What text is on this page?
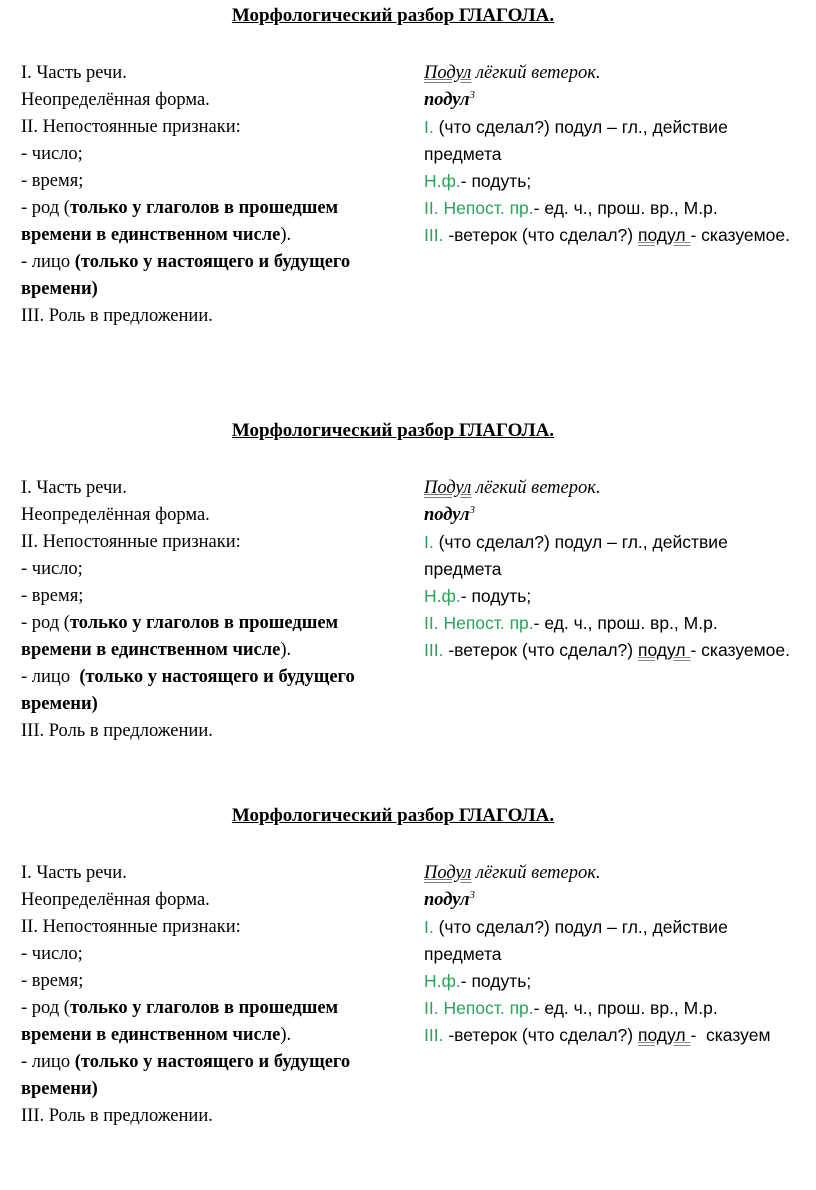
Морфологический разбор ГЛАГОЛА.

I. Часть речи.

Неопределённая форма.

II. Непостоянные признаки:

- число;

- время;

- род (только у глаголов в прошедшем времени в единственном числе).

- лицо (только у настоящего и будущего времени)

III. Роль в предложении.

Подул лёгкий ветерок.

подул$^3$

I. (что сделал?) подул – гл., действие предмета

Н.ф.- подуть;

II. Непост. пр.- ед. ч., прош. вр., М.р.

III. -ветерок (что сделал?) подул - сказуемое.

Морфологический разбор ГЛАГОЛА.

I. Часть речи.

Неопределённая форма.

II. Непостоянные признаки:

- число;

- время;

- род (только у глаголов в прошедшем времени в единственном числе).

- лицо  (только у настоящего и будущего времени)

III. Роль в предложении.

Подул лёгкий ветерок.

подул$^3$

I. (что сделал?) подул – гл., действие предмета

Н.ф.- подуть;

II. Непост. пр.- ед. ч., прош. вр., М.р.

III. -ветерок (что сделал?) подул - сказуемое.

Морфологический разбор ГЛАГОЛА.

I. Часть речи.

Неопределённая форма.

II. Непостоянные признаки:

- число;

- время;

- род (только у глаголов в прошедшем времени в единственном числе).

- лицо (только у настоящего и будущего времени)

III. Роль в предложении.

Подул лёгкий ветерок.

подул$^3$

I. (что сделал?) подул – гл., действие предмета

Н.ф.- подуть;

II. Непост. пр.- ед. ч., прош. вр., М.р.

III. -ветерок (что сделал?) подул -  сказуем
